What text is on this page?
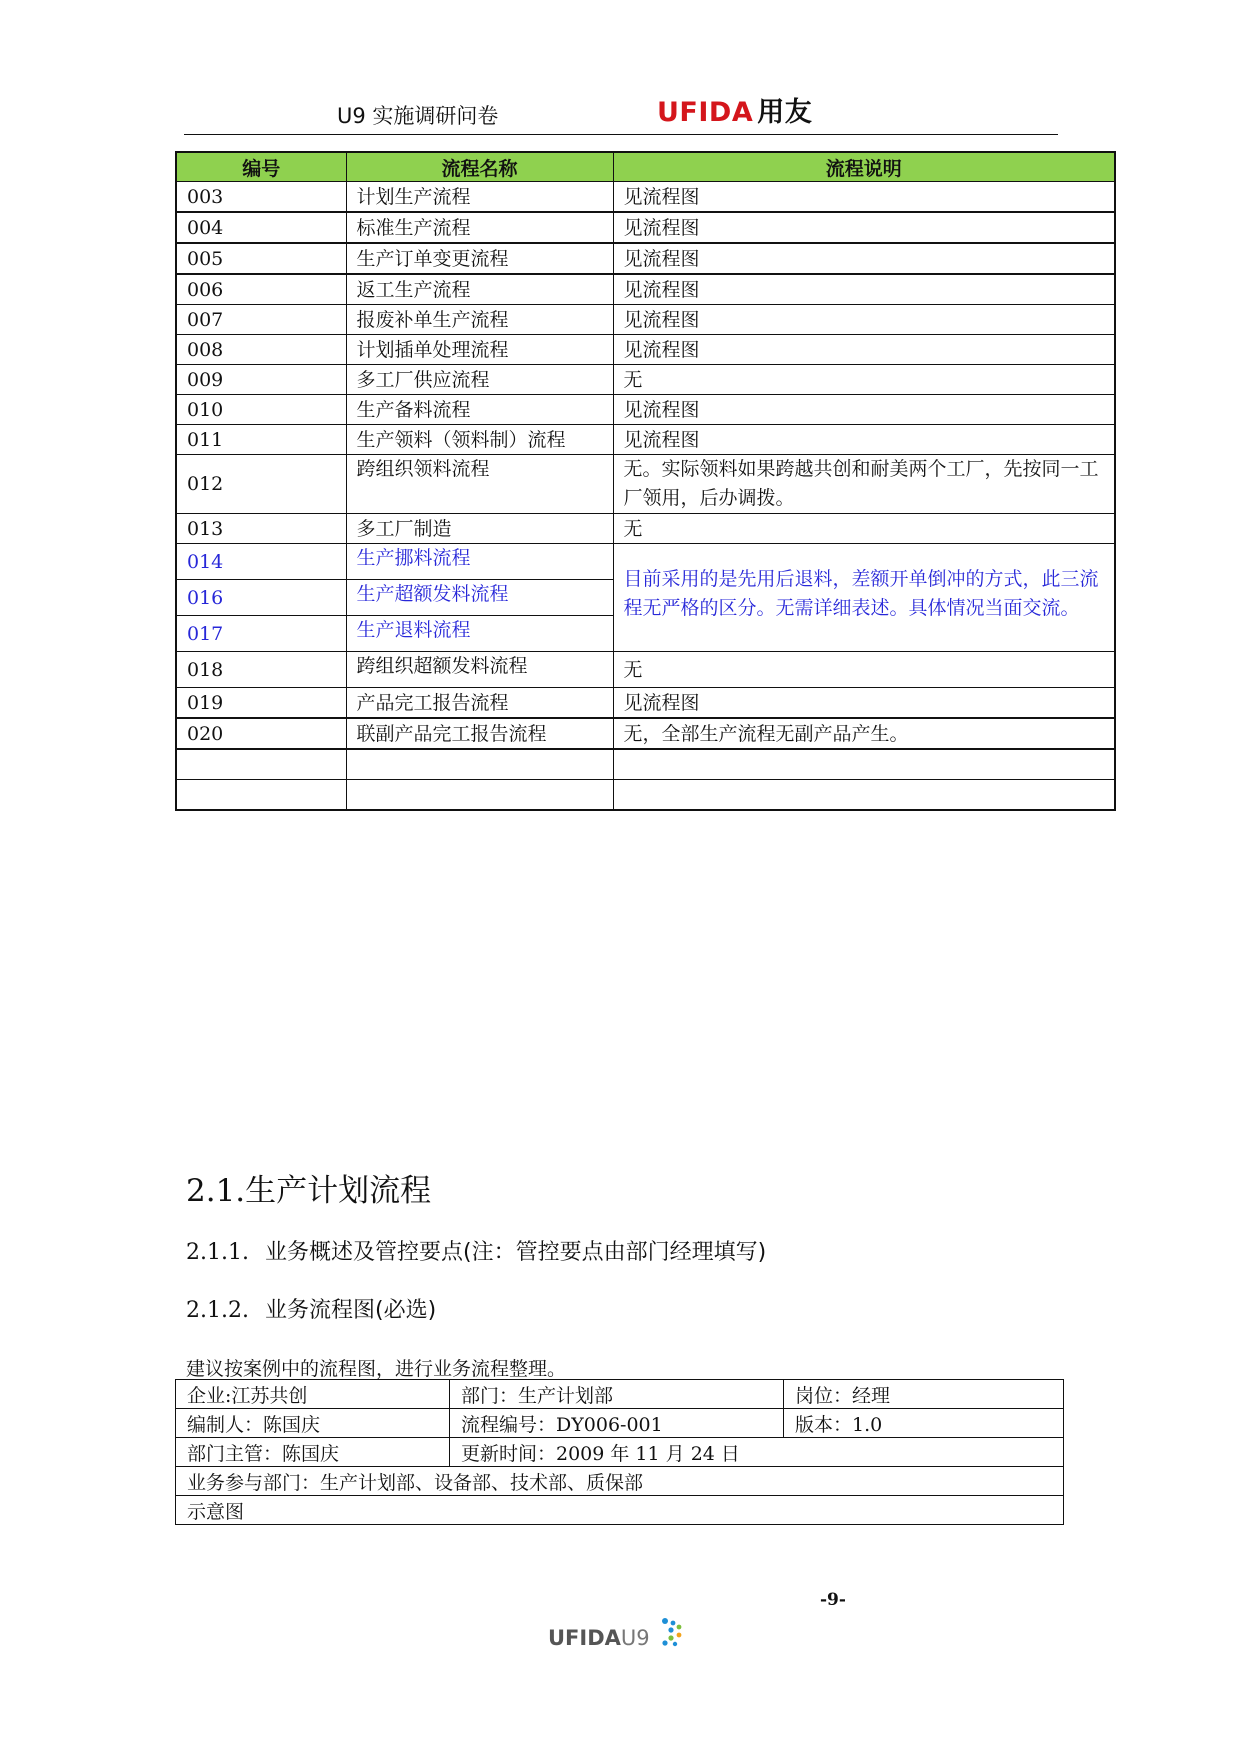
U9 实施调研问卷	UFIDA 用友
编号	流程名称	流程说明
003	计划生产流程	见流程图
004	标准生产流程	见流程图
005	生产订单变更流程	见流程图
006	返工生产流程	见流程图
007	报废补单生产流程	见流程图
008	计划插单处理流程	见流程图
009	多工厂供应流程	无
010	生产备料流程	见流程图
011	生产领料（领料制）流程	见流程图
012	跨组织领料流程	无。实际领料如果跨越共创和耐美两个工厂，先按同一工厂领用，后办调拨。
013	多工厂制造	无
014	生产挪料流程	目前采用的是先用后退料，差额开单倒冲的方式，此三流程无严格的区分。无需详细表述。具体情况当面交流。
016	生产超额发料流程	
017	生产退料流程	
018	跨组织超额发料流程	无
019	产品完工报告流程	见流程图
020	联副产品完工报告流程	无，全部生产流程无副产品产生。

2.1.生产计划流程
2.1.1. 业务概述及管控要点(注：管控要点由部门经理填写)
2.1.2. 业务流程图(必选)
建议按案例中的流程图，进行业务流程整理。
企业:江苏共创	部门：生产计划部	岗位：经理
编制人：陈国庆	流程编号：DY006-001	版本：1.0
部门主管：陈国庆	更新时间：2009 年 11 月 24 日	
业务参与部门：生产计划部、设备部、技术部、质保部		
示意图		
-9-
UFIDAU9
